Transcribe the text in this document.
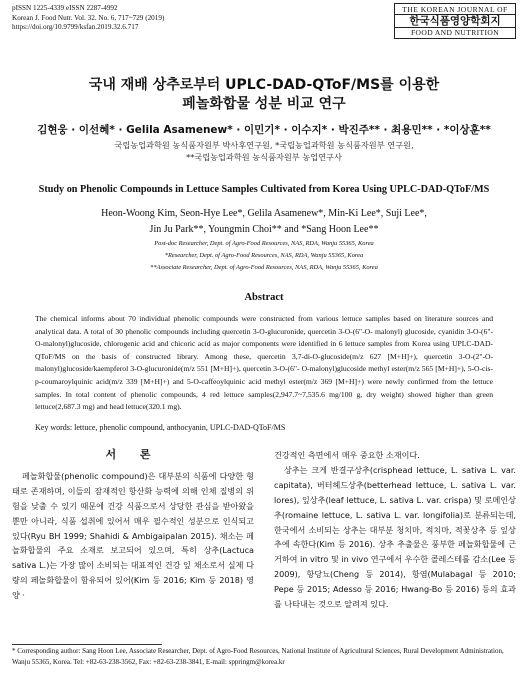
pISSN 1225-4339 eISSN 2287-4992
Korean J. Food Nutr. Vol. 32. No. 6, 717~729 (2019)
https://doi.org/10.9799/ksfan.2019.32.6.717
THE KOREAN JOURNAL OF
한국식품영양학회지
FOOD AND NUTRITION
국내 재배 상추로부터 UPLC-DAD-QToF/MS를 이용한
페놀화합물 성분 비교 연구
김현웅 · 이선혜* · Gelila Asamenew* · 이민기* · 이수지* · 박진주** · 최용민** · *이상훈**
국립농업과학원 농식품자원부 박사후연구원, *국립농업과학원 농식품자원부 연구원,
**국립농업과학원 농식품자원부 농업연구사
Study on Phenolic Compounds in Lettuce Samples Cultivated from Korea Using UPLC-DAD-QToF/MS
Heon-Woong Kim, Seon-Hye Lee*, Gelila Asamenew*, Min-Ki Lee*, Suji Lee*,
Jin Ju Park**, Youngmin Choi** and *Sang Hoon Lee**
Post-doc Researcher, Dept. of Agro-Food Resources, NAS, RDA, Wanju 55365, Korea
*Researcher, Dept. of Agro-Food Resources, NAS, RDA, Wanju 55365, Korea
**Associate Researcher, Dept. of Agro-Food Resources, NAS, RDA, Wanju 55365, Korea
Abstract
The chemical informs about 70 individual phenolic compounds were constructed from various lettuce samples based on literature sources and analytical data. A total of 30 phenolic compounds including quercetin 3-O-glucuronide, quercetin 3-O-(6"-O- malonyl) glucoside, cyanidin 3-O-(6"-O-malonyl)glucoside, chlorogenic acid and chicoric acid as major components were identified in 6 lettuce samples from Korea using UPLC-DAD-QToF/MS on the basis of constructed library. Among these, quercetin 3,7-di-O-glucoside(m/z 627 [M+H]+), quercetin 3-O-(2"-O-malonyl)glucoside/kaempferol 3-O-glucuronide(m/z 551 [M+H]+), quercetin 3-O-(6"- O-malonyl)glucoside methyl ester(m/z 565 [M+H]+), 5-O-cis-p-coumaroylquinic acid(m/z 339 [M+H]+) and 5-O-caffeoylquinic acid methyl ester(m/z 369 [M+H]+) were newly confirmed from the lettuce samples. In total content of phenolic compounds, 4 red lettuce samples(2,947.7~7,535.6 mg/100 g, dry weight) showed higher than green lettuce(2,687.3 mg) and head lettuce(320.1 mg).
Key words: lettuce, phenolic compound, anthocyanin, UPLC-DAD-QToF/MS
서 론

페놀화합물(phenolic compound)은 대부분의 식품에 다양한 형태로 존재하며, 이들의 잠재적인 항산화 능력에 의해 인체 질병의 위험을 낮출 수 있기 때문에 건강 식품으로서 상당한 관심을 받아왔을 뿐만 아니라, 식품 섭취에 있어서 매우 필수적인 성분으로 인식되고 있다(Ryu BH 1999; Shahidi & Ambigaipalan 2015). 채소는 페놀화합물의 주요 소재로 보고되어 있으며, 특히 상추(Lactuca sativa L.)는 가장 많이 소비되는 대표적인 건강 잎 채소로서 실제 다량의 페놀화합물이 함유되어 있어(Kim 등 2016; Kim 등 2018) 영양 ·

건강적인 측면에서 매우 중요한 소재이다.

상추는 크게 반결구상추(crisphead lettuce, L. sativa L. var. capitata), 버터헤드상추(betterhead lettuce, L. sativa L. var. lores), 잎상추(leaf lettuce, L. sativa L. var. crispa) 및 로메인상추(romaine lettuce, L. sativa L. var. longifolia)로 분류되는데, 한국에서 소비되는 상추는 대부분 청치마, 적치마, 적꽃상추 등 잎상추에 속한다(Kim 등 2016). 상추 추출물은 풍부한 페놀화합물에 근거하여 in vitro 및 in vivo 연구에서 우수한 콜레스테롤 감소(Lee 등 2009), 항당뇨(Cheng 등 2014), 항염(Mulabagal 등 2010; Pepe 등 2015; Adesso 등 2016; Hwang-Bo 등 2016) 등의 효과를 나타내는 것으로 알려져 있다.

* Corresponding author: Sang Hoon Lee, Associate Researcher, Dept. of Agro-Food Resources, National Institute of Agricultural Sciences, Rural Development Administration, Wanju 55365, Korea. Tel: +82-63-238-3562, Fax: +82-63-238-3841, E-mail: sppringm@korea.kr
